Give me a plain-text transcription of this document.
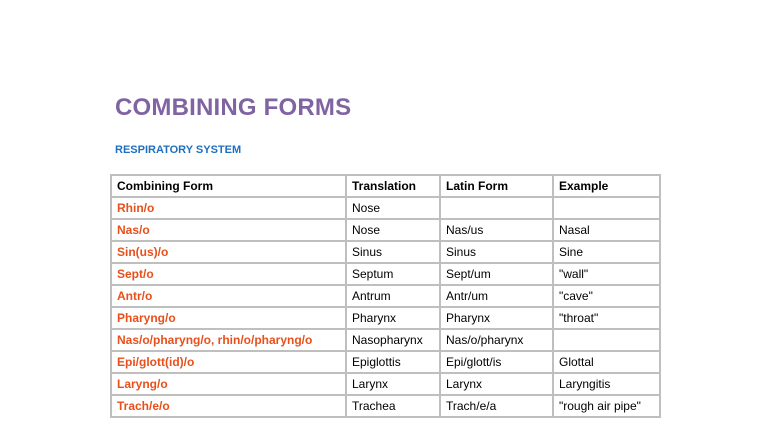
COMBINING FORMS
RESPIRATORY SYSTEM
Combining Form	Translation	Latin Form	Example
Rhin/o	Nose		
Nas/o	Nose	Nas/us	Nasal
Sin(us)/o	Sinus	Sinus	Sine
Sept/o	Septum	Sept/um	"wall"
Antr/o	Antrum	Antr/um	"cave"
Pharyng/o	Pharynx	Pharynx	"throat"
Nas/o/pharyng/o, rhin/o/pharyng/o	Nasopharynx	Nas/o/pharynx	
Epi/glott(id)/o	Epiglottis	Epi/glott/is	Glottal
Laryng/o	Larynx	Larynx	Laryngitis
Trach/e/o	Trachea	Trach/e/a	"rough air pipe"
